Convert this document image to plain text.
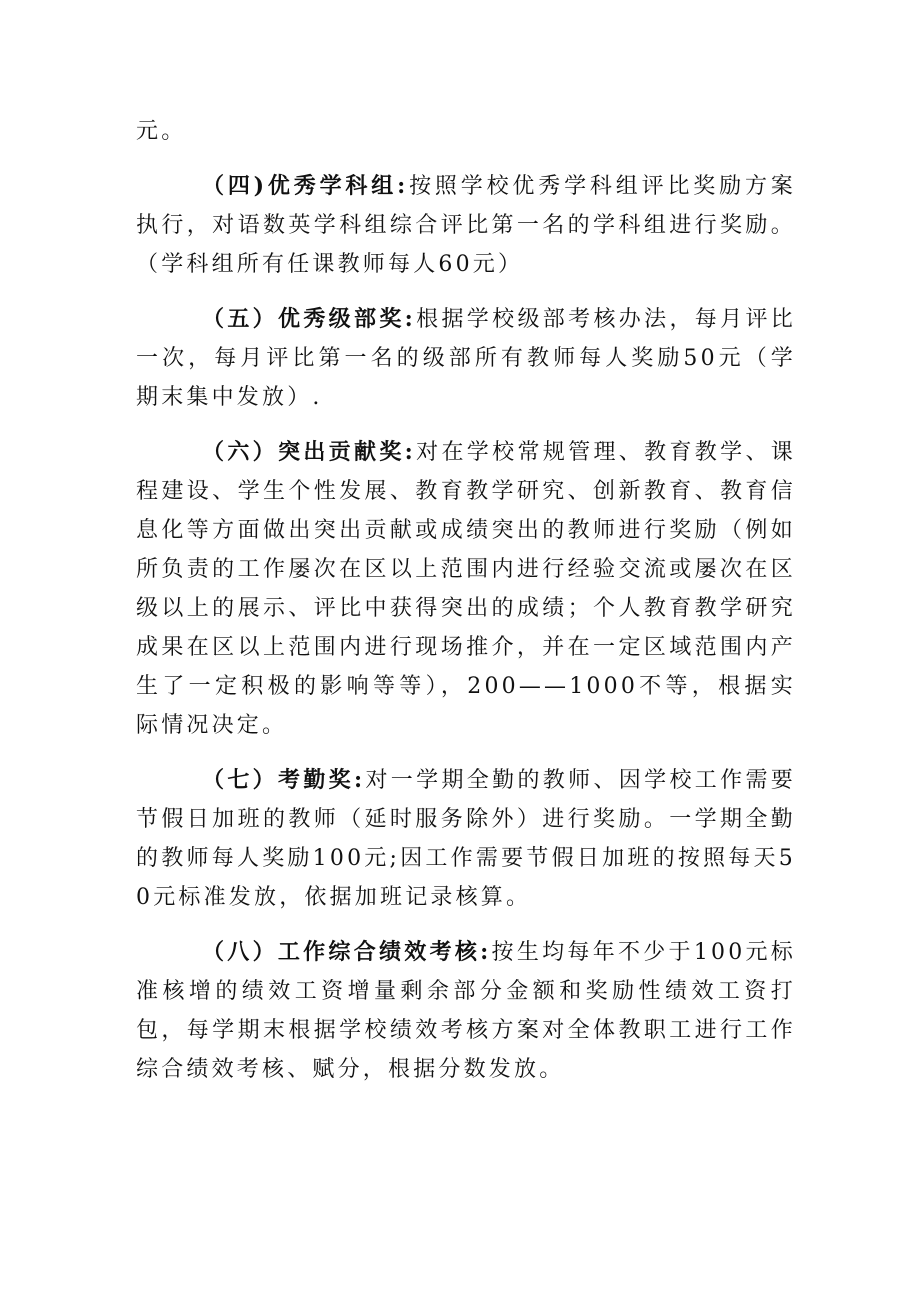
元。

（四)优秀学科组:按照学校优秀学科组评比奖励方案执行，对语数英学科组综合评比第一名的学科组进行奖励。（学科组所有任课教师每人60元）

（五）优秀级部奖:根据学校级部考核办法，每月评比一次，每月评比第一名的级部所有教师每人奖励50元（学期末集中发放）.

（六）突出贡献奖:对在学校常规管理、教育教学、课程建设、学生个性发展、教育教学研究、创新教育、教育信息化等方面做出突出贡献或成绩突出的教师进行奖励（例如所负责的工作屡次在区以上范围内进行经验交流或屡次在区级以上的展示、评比中获得突出的成绩；个人教育教学研究成果在区以上范围内进行现场推介，并在一定区域范围内产生了一定积极的影响等等），200——1000不等，根据实际情况决定。

（七）考勤奖:对一学期全勤的教师、因学校工作需要节假日加班的教师（延时服务除外）进行奖励。一学期全勤的教师每人奖励100元;因工作需要节假日加班的按照每天50元标准发放，依据加班记录核算。

（八）工作综合绩效考核:按生均每年不少于100元标准核增的绩效工资增量剩余部分金额和奖励性绩效工资打包，每学期末根据学校绩效考核方案对全体教职工进行工作综合绩效考核、赋分，根据分数发放。
